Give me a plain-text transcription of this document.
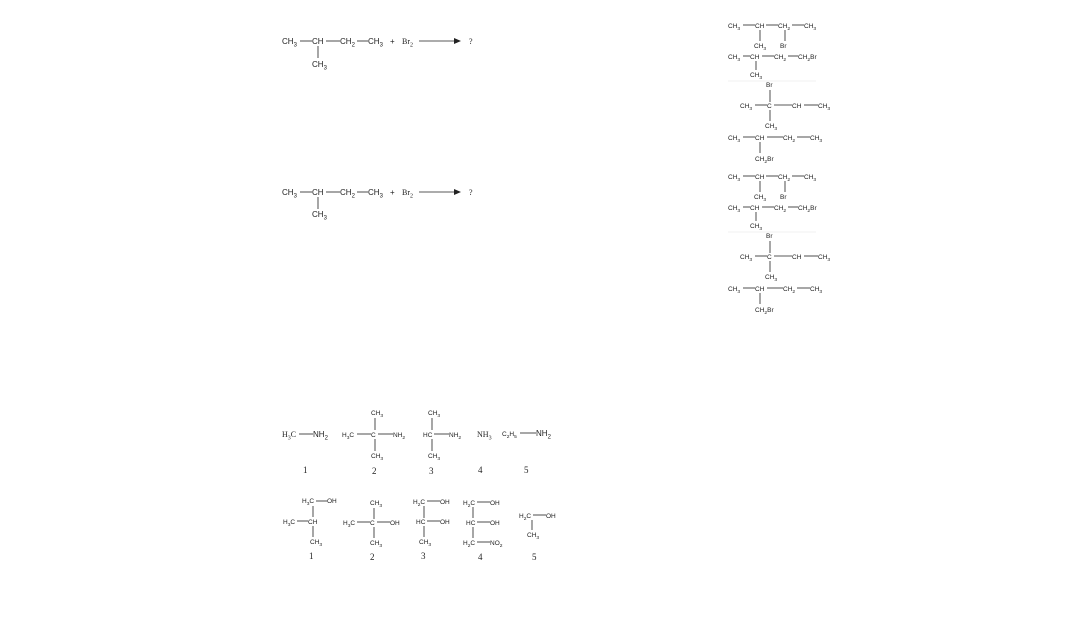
$CH_3$ CH $CH_2$ $CH_3$
$CH_3$
+ $Br_2$	?
$CH_3$ CH $CH_2$ $CH_3$
$CH_3$
+ $Br_2$	?
$CH_3$ CH $CH_2$ $CH_3$
$CH_3$ Br
$CH_3$ CH $CH_2$ $CH_2Br$
$CH_3$
Br
$CH_3$ C	CH	$CH_3$
$CH_3$
$CH_3$ CH	$CH_2$ $CH_3$
$CH_2Br$
$CH_3$ CH $CH_2$ $CH_3$
$CH_3$ Br
$CH_3$ CH $CH_2$ $CH_2Br$
$CH_3$
Br
$CH_3$ C	CH	$CH_3$
$CH_3$
$CH_3$ CH	$CH_2$ $CH_3$
$CH_2Br$
$H_3C$ $NH_2$
1
$CH_3$
$H_3C$	C	$NH_2$
$CH_3$
2
$CH_3$
HC	$NH_2$
$CH_3$
3
$NH_3$
4
$C_2H_5$ $NH_2$
5
$H_3C$ OH
$H_3C$ CH
$CH_3$
1
$CH_3$
$H_3C$ C OH
$CH_3$
2
$H_2C$ OH
HC OH
$CH_3$
3
$H_2C$ OH
HC OH
$H_2C$ $NO_2$
4
$H_2C$ OH
$CH_3$
5
